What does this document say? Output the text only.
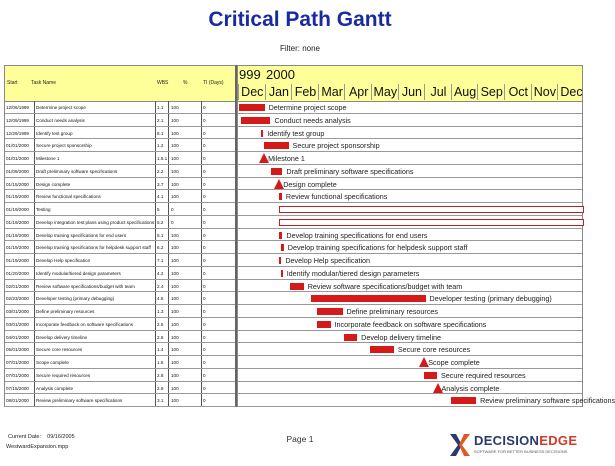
Critical Path Gantt
Filter: none
Start	Task Name	WBS	%	TI (Days)
12/06/1999 Determine project scope	1.1 100	0
12/09/1999 Conduct needs analysis	2.1 100	0
12/29/1999 Identify test group	6.1 100	0
01/01/2000 Secure project sponsorship	1.2 100	0
01/01/2000 Milestone 1	1.6.1 100	0
01/09/2000 Draft preliminary software specifications	2.2 100	0
01/15/2000 Design complete	3.7 100	0
01/19/2000 Review functional specifications	4.1 100	0
01/19/2000 Testing	5 0	0
01/19/2000 Develop integration test plans using product specifications 5.2 0	0
01/19/2000 Develop training specifications for end users	6.1 100	0
01/19/2000 Develop training specifications for helpdesk support staff 6.2 100	0
01/19/2000 Develop Help specification	7.1 100	0
01/20/2000 Identify modular/tiered design parameters	4.2 100	0
02/01/2000 Review software specifications/budget with team	2.4 100	0
02/23/2000 Developer testing (primary debugging)	4.5 100	0
03/01/2000 Define preliminary resources	1.3 100	0
03/01/2000 Incorporate feedback on software specifications	2.5 100	0
04/01/2000 Develop delivery timeline	2.6 100	0
05/01/2000 Secure core resources	1.4 100	0
07/01/2000 Scope complete	1.5 100	0
07/01/2000 Secure required resources	2.8 100	0
07/15/2000 Analysis complete	2.9 100	0
08/01/2000 Review preliminary software specifications	3.1 100	0
999 2000
Dec Jan Feb Mar Apr May Jun Jul Aug Sep Oct Nov Dec
Determine project scope
Conduct needs analysis
Identify test group
Secure project sponsorship
Milestone 1
Draft preliminary software specifications
Design complete
Review functional specifications
Develop training specifications for end users
Develop training specifications for helpdesk support staff
Develop Help specification
Identify modular/tiered design parameters
Review software specifications/budget with team
Developer testing (primary debugging)
Define preliminary resources
Incorporate feedback on software specifications
Develop delivery timeline
Secure core resources
Scope complete
Secure required resources
Analysis complete
Review preliminary software specifications
Current Date: 09/16/2005
WestwardExpansion.mpp
Page 1	DECISIONEDGE
SOFTWARE FOR BETTER BUSINESS DECISIONS
